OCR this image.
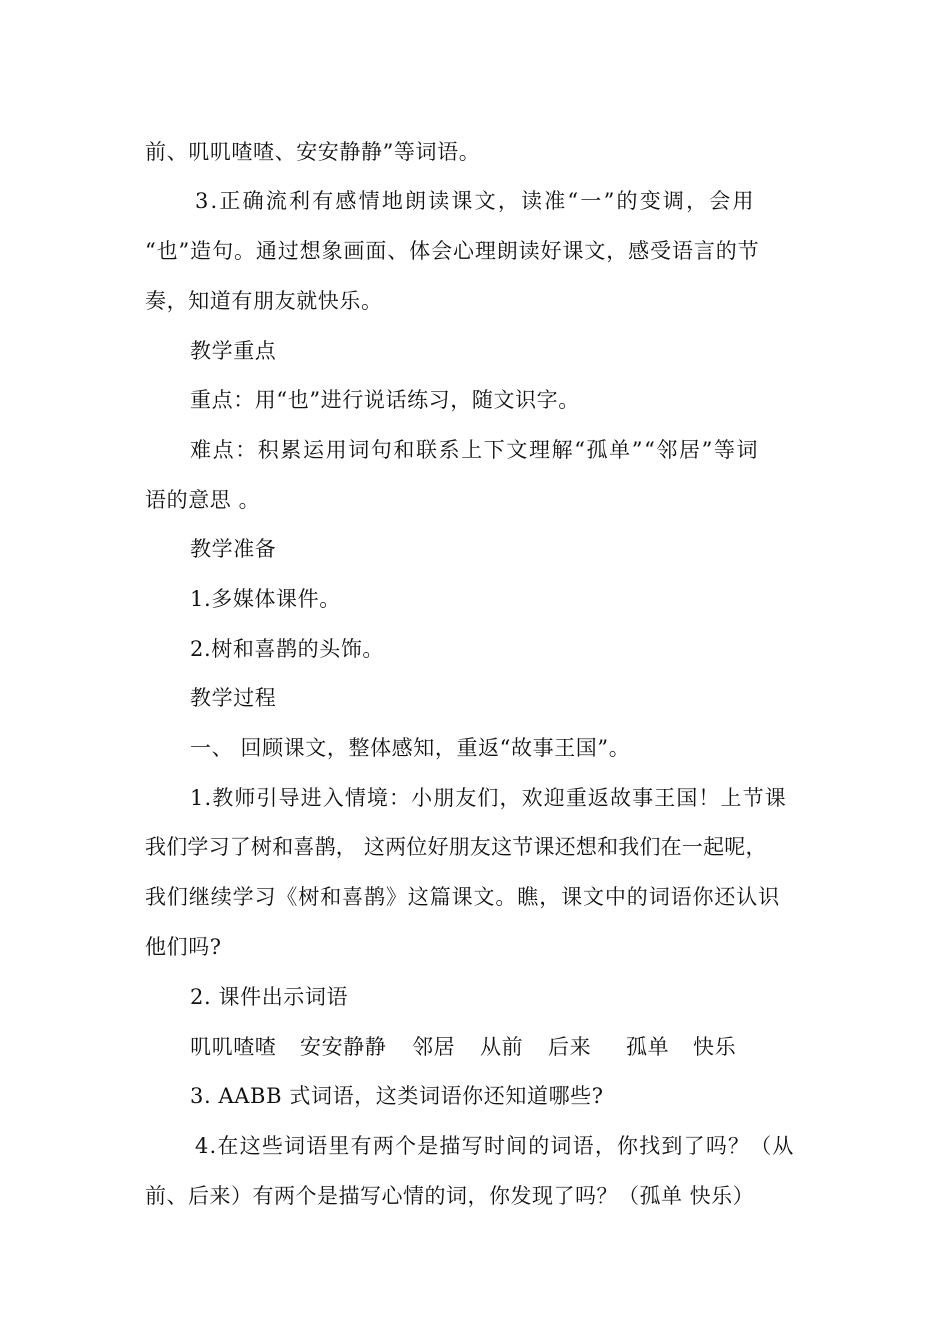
前、叽叽喳喳、安安静静”等词语。
3.正确流利有感情地朗读课文，读准“一”的变调，会用
“也”造句。通过想象画面、体会心理朗读好课文，感受语言的节
奏，知道有朋友就快乐。
教学重点
重点：用“也”进行说话练习，随文识字。
难点：积累运用词句和联系上下文理解“孤单”“邻居”等词
语的意思 。
教学准备
1.多媒体课件。
2.树和喜鹊的头饰。
教学过程
一、 回顾课文，整体感知，重返“故事王国”。
1.教师引导进入情境：小朋友们，欢迎重返故事王国！上节课
我们学习了树和喜鹊， 这两位好朋友这节课还想和我们在一起呢，
我们继续学习《树和喜鹊》这篇课文。瞧，课文中的词语你还认识
他们吗?
2. 课件出示词语
叽叽喳喳 安安静静 邻居 从前 后来 孤单 快乐
3. AABB 式词语，这类词语你还知道哪些?
4.在这些词语里有两个是描写时间的词语，你找到了吗？（从
前、后来）有两个是描写心情的词，你发现了吗？（孤单 快乐）
